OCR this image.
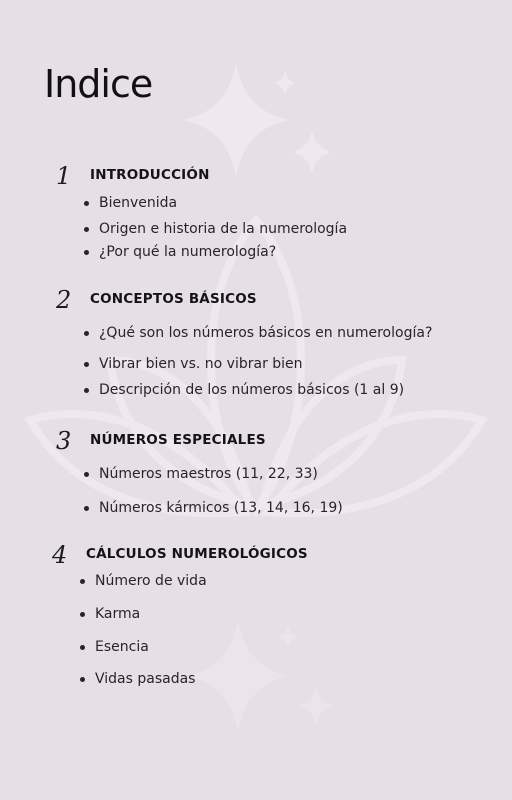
Indice
1 INTRODUCCIÓN
Bienvenida
Origen e historia de la numerología
¿Por qué la numerología?
2 CONCEPTOS BÁSICOS
¿Qué son los números básicos en numerología?
Vibrar bien vs. no vibrar bien
Descripción de los números básicos (1 al 9)
3 NÚMEROS ESPECIALES
Números maestros (11, 22, 33)
Números kármicos (13, 14, 16, 19)
4 CÁLCULOS NUMEROLÓGICOS
Número de vida
Karma
Esencia
Vidas pasadas
